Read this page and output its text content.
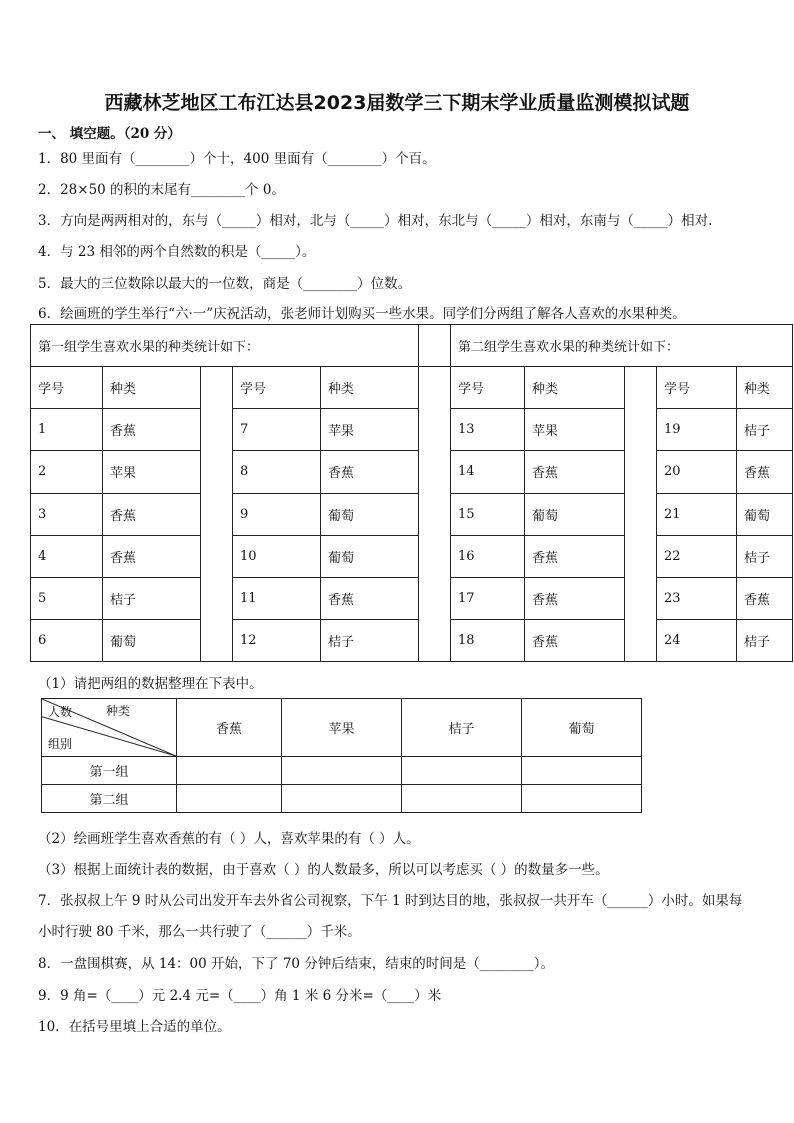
西藏林芝地区工布江达县2023届数学三下期末学业质量监测模拟试题
一、 填空题。（20 分）
1．80 里面有（________）个十，400 里面有（________）个百。
2．28×50 的积的末尾有________个 0。
3．方向是两两相对的，东与（_____）相对，北与（_____）相对，东北与（_____）相对，东南与（_____）相对.
4．与 23 相邻的两个自然数的积是（_____）。
5．最大的三位数除以最大的一位数，商是（________）位数。
6．绘画班的学生举行“六·一”庆祝活动，张老师计划购买一些水果。同学们分两组了解各人喜欢的水果种类。
第一组学生喜欢水果的种类统计如下：						第二组学生喜欢水果的种类统计如下：				
学号	种类		学号	种类		学号	种类		学号	种类
1	香蕉		7	苹果		13	苹果		19	桔子
2	苹果		8	香蕉		14	香蕉		20	香蕉
3	香蕉		9	葡萄		15	葡萄		21	葡萄
4	香蕉		10	葡萄		16	香蕉		22	桔子
5	桔子		11	香蕉		17	香蕉		23	香蕉
6	葡萄		12	桔子		18	香蕉		24	桔子
（1）请把两组的数据整理在下表中。
人数 种类
组别	香蕉	苹果	桔子	葡萄
第一组				
第二组				
（2）绘画班学生喜欢香蕉的有（ ）人，喜欢苹果的有（ ）人。
（3）根据上面统计表的数据，由于喜欢（ ）的人数最多，所以可以考虑买（ ）的数量多一些。
7．张叔叔上午 9 时从公司出发开车去外省公司视察，下午 1 时到达目的地，张叔叔一共开车（______）小时。如果每
小时行驶 80 千米，那么一共行驶了（______）千米。
8．一盘围棋赛，从 14：00 开始，下了 70 分钟后结束，结束的时间是（________）。
9．9 角=（____）元 2.4 元=（____）角 1 米 6 分米=（____）米
10．在括号里填上合适的单位。
